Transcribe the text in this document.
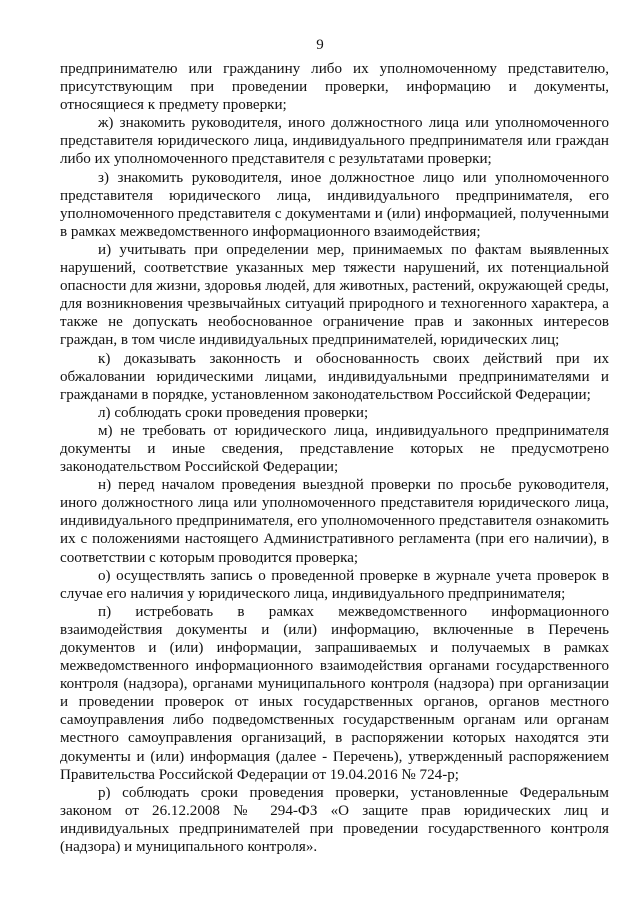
9

предпринимателю или гражданину либо их уполномоченному представителю, присутствующим при проведении проверки, информацию и документы, относящиеся к предмету проверки;

ж) знакомить руководителя, иного должностного лица или уполномоченного представителя юридического лица, индивидуального предпринимателя или граждан либо их уполномоченного представителя с результатами проверки;

з) знакомить руководителя, иное должностное лицо или уполномоченного представителя юридического лица, индивидуального предпринимателя, его уполномоченного представителя с документами и (или) информацией, полученными в рамках межведомственного информационного взаимодействия;

и) учитывать при определении мер, принимаемых по фактам выявленных нарушений, соответствие указанных мер тяжести нарушений, их потенциальной опасности для жизни, здоровья людей, для животных, растений, окружающей среды, для возникновения чрезвычайных ситуаций природного и техногенного характера, а также не допускать необоснованное ограничение прав и законных интересов граждан, в том числе индивидуальных предпринимателей, юридических лиц;

к) доказывать законность и обоснованность своих действий при их обжаловании юридическими лицами, индивидуальными предпринимателями и гражданами в порядке, установленном законодательством Российской Федерации;

л) соблюдать сроки проведения проверки;

м) не требовать от юридического лица, индивидуального предпринимателя документы и иные сведения, представление которых не предусмотрено законодательством Российской Федерации;

н) перед началом проведения выездной проверки по просьбе руководителя, иного должностного лица или уполномоченного представителя юридического лица, индивидуального предпринимателя, его уполномоченного представителя ознакомить их с положениями настоящего Административного регламента (при его наличии), в соответствии с которым проводится проверка;

о) осуществлять запись о проведенной проверке в журнале учета проверок в случае его наличия у юридического лица, индивидуального предпринимателя;

п) истребовать в рамках межведомственного информационного взаимодействия документы и (или) информацию, включенные в Перечень документов и (или) информации, запрашиваемых и получаемых в рамках межведомственного информационного взаимодействия органами государственного контроля (надзора), органами муниципального контроля (надзора) при организации и проведении проверок от иных государственных органов, органов местного самоуправления либо подведомственных государственным органам или органам местного самоуправления организаций, в распоряжении которых находятся эти документы и (или) информация (далее - Перечень), утвержденный распоряжением Правительства Российской Федерации от 19.04.2016 № 724-р;

р) соблюдать сроки проведения проверки, установленные Федеральным законом от 26.12.2008 № 294-ФЗ «О защите прав юридических лиц и индивидуальных предпринимателей при проведении государственного контроля (надзора) и муниципального контроля».
